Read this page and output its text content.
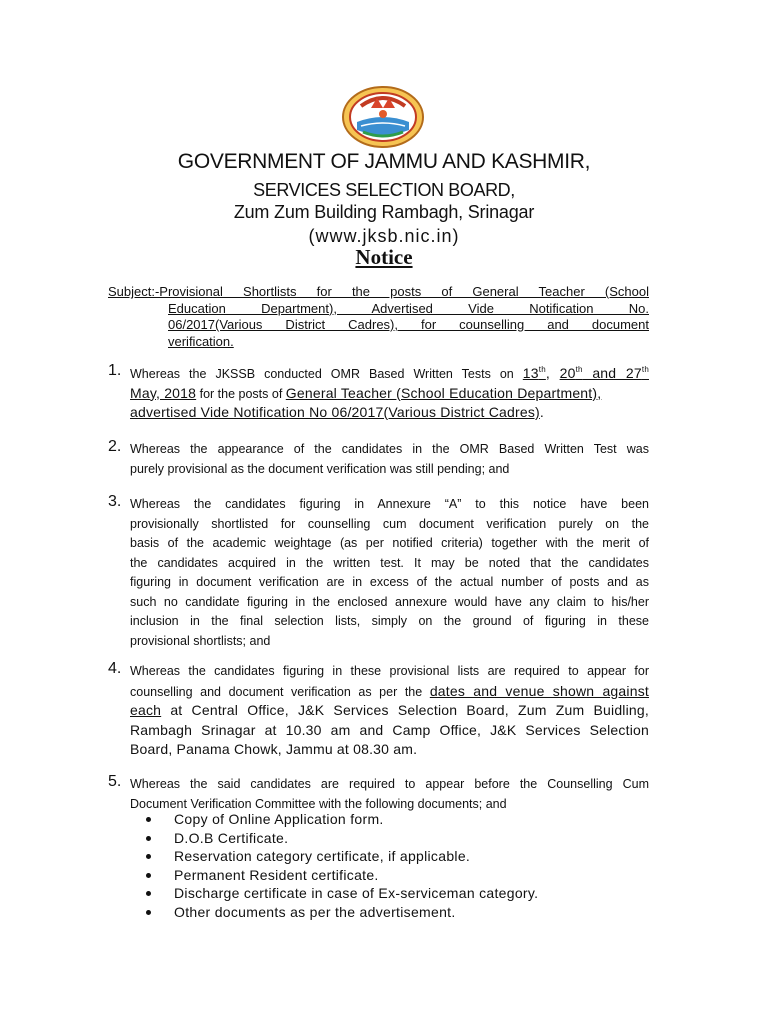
GOVERNMENT OF JAMMU AND KASHMIR,
SERVICES SELECTION BOARD,
Zum Zum Building Rambagh, Srinagar
(www.jksb.nic.in)
Notice
Subject:-Provisional Shortlists for the posts of General Teacher (School
Education Department), Advertised Vide Notification No.
06/2017(Various District Cadres), for counselling and document
verification.
1. Whereas the JKSSB conducted OMR Based Written Tests on 13th, 20th and 27th
May, 2018 for the posts of General Teacher (School Education Department),
advertised Vide Notification No 06/2017(Various District Cadres).
2. Whereas the appearance of the candidates in the OMR Based Written Test was
purely provisional as the document verification was still pending; and
3. Whereas the candidates figuring in Annexure “A” to this notice have been
provisionally shortlisted for counselling cum document verification purely on the
basis of the academic weightage (as per notified criteria) together with the merit of
the candidates acquired in the written test. It may be noted that the candidates
figuring in document verification are in excess of the actual number of posts and as
such no candidate figuring in the enclosed annexure would have any claim to his/her
inclusion in the final selection lists, simply on the ground of figuring in these
provisional shortlists; and
4. Whereas the candidates figuring in these provisional lists are required to appear for
counselling and document verification as per the dates and venue shown against
each at Central Office, J&K Services Selection Board, Zum Zum Buidling,
Rambagh Srinagar at 10.30 am and Camp Office, J&K Services Selection
Board, Panama Chowk, Jammu at 08.30 am.
5. Whereas the said candidates are required to appear before the Counselling Cum
Document Verification Committee with the following documents; and
Copy of Online Application form.
D.O.B Certificate.
Reservation category certificate, if applicable.
Permanent Resident certificate.
Discharge certificate in case of Ex-serviceman category.
Other documents as per the advertisement.
